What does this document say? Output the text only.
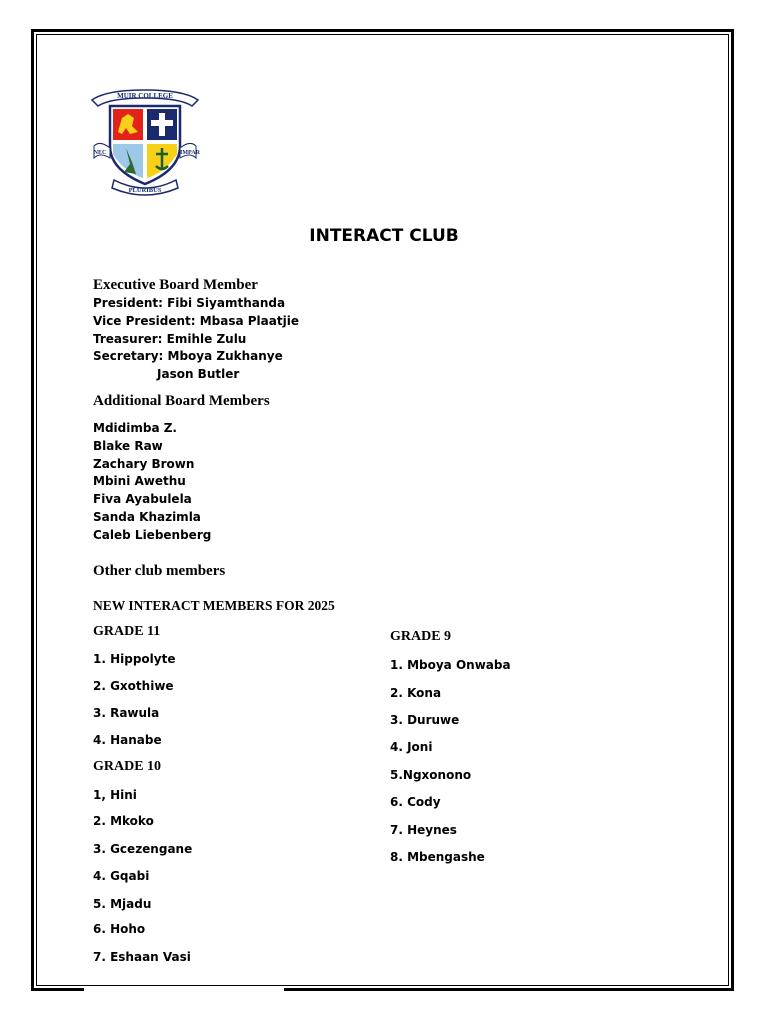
MUIR COLLEGE
NEC	IMPAR
PLURIBUS
INTERACT CLUB
Executive Board Member
President: Fibi Siyamthanda
Vice President: Mbasa Plaatjie
Treasurer: Emihle Zulu
Secretary: Mboya Zukhanye
Jason Butler
Additional Board Members
Mdidimba Z.
Blake Raw
Zachary Brown
Mbini Awethu
Fiva Ayabulela
Sanda Khazimla
Caleb Liebenberg
Other club members
NEW INTERACT MEMBERS FOR 2025
GRADE 11
1. Hippolyte
2. Gxothiwe
3. Rawula
4. Hanabe
GRADE 10
1, Hini
2. Mkoko
3. Gcezengane
4. Gqabi
5. Mjadu
6. Hoho
7. Eshaan Vasi
GRADE 9
1. Mboya Onwaba
2. Kona
3. Duruwe
4. Joni
5.Ngxonono
6. Cody
7. Heynes
8. Mbengashe
